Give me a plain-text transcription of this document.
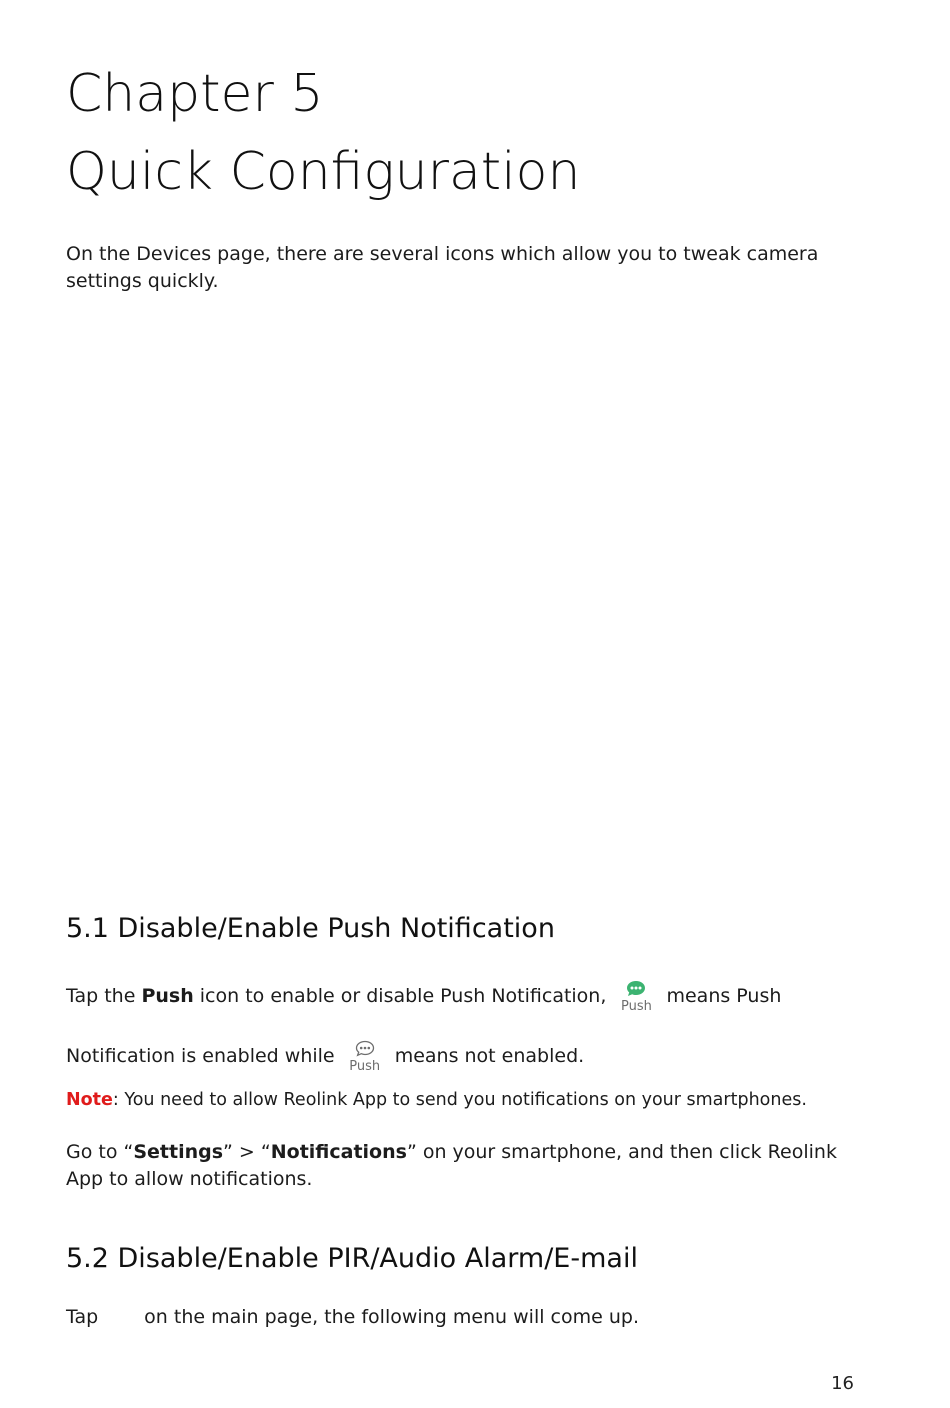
Chapter 5
Quick Configuration

On the Devices page, there are several icons which allow you to tweak camera settings quickly.

5.1 Disable/Enable Push Notification

Tap the Push icon to enable or disable Push Notification, Push means Push

Notification is enabled while Push means not enabled.

Note: You need to allow Reolink App to send you notifications on your smartphones.

Go to “Settings” > “Notifications” on your smartphone, and then click Reolink App to allow notifications.

5.2 Disable/Enable PIR/Audio Alarm/E-mail

Tap on the main page, the following menu will come up.

16
